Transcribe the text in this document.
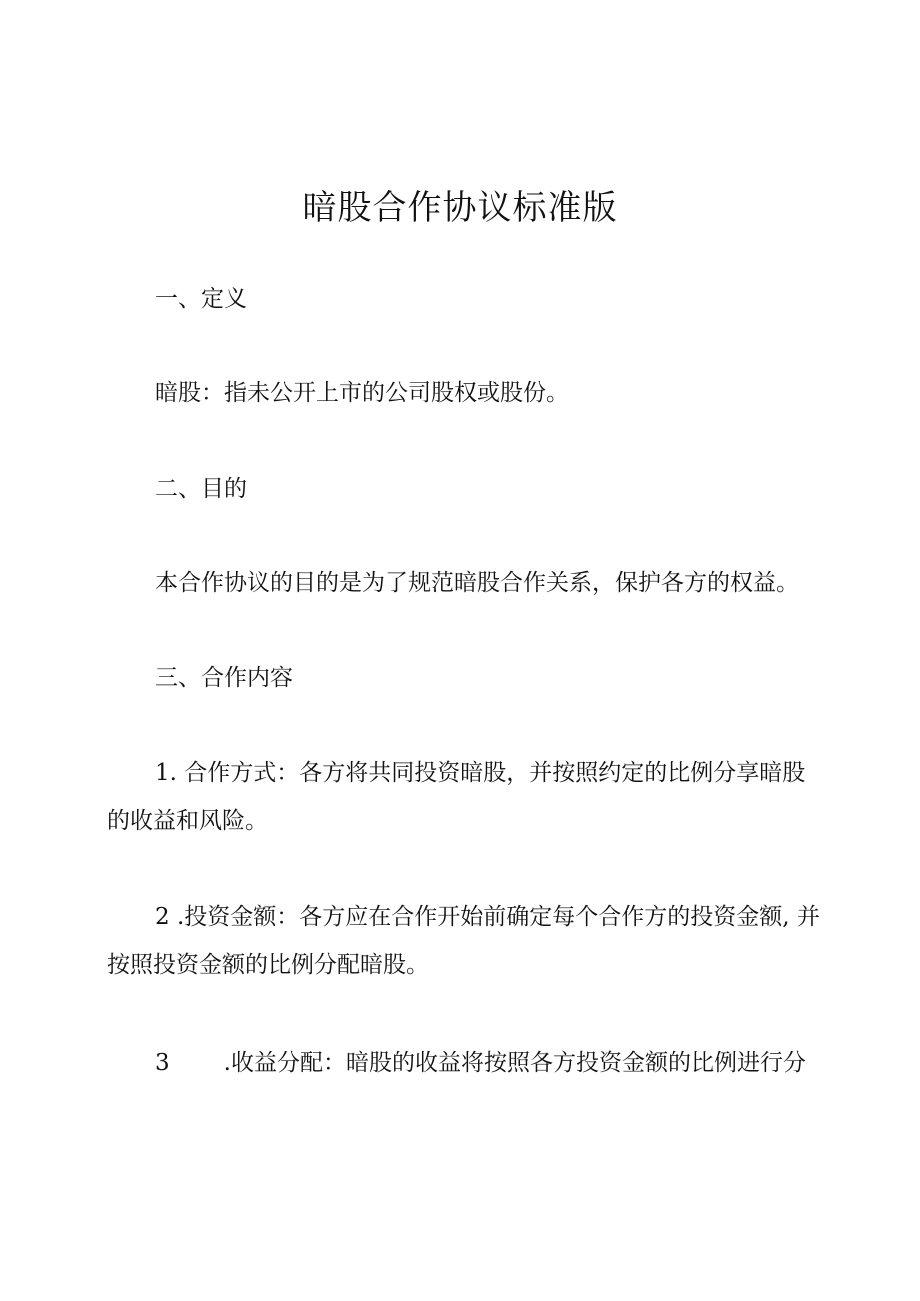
暗股合作协议标准版

一、定义

暗股：指未公开上市的公司股权或股份。

二、目的

本合作协议的目的是为了规范暗股合作关系，保护各方的权益。

三、合作内容

1. 合作方式：各方将共同投资暗股，并按照约定的比例分享暗股

的收益和风险。

2 .投资金额：各方应在合作开始前确定每个合作方的投资金额, 并

按照投资金额的比例分配暗股。

3 .收益分配：暗股的收益将按照各方投资金额的比例进行分
